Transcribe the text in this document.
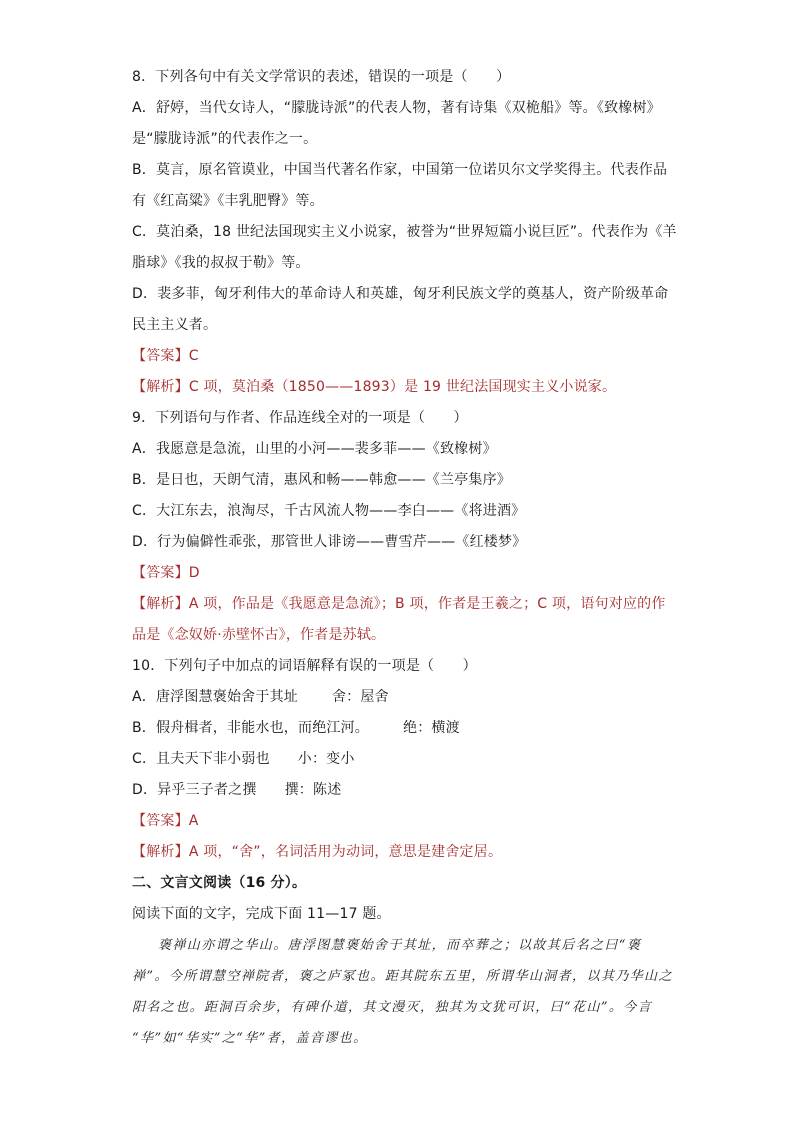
8．下列各句中有关文学常识的表述，错误的一项是（　　）
A．舒婷，当代女诗人，“朦胧诗派”的代表人物，著有诗集《双桅船》等。《致橡树》
是“朦胧诗派”的代表作之一。
B．莫言，原名管谟业，中国当代著名作家，中国第一位诺贝尔文学奖得主。代表作品
有《红高粱》《丰乳肥臀》等。
C．莫泊桑，18 世纪法国现实主义小说家，被誉为“世界短篇小说巨匠”。代表作为《羊
脂球》《我的叔叔于勒》等。
D．裴多菲，匈牙利伟大的革命诗人和英雄，匈牙利民族文学的奠基人，资产阶级革命
民主主义者。
【答案】C
【解析】C 项，莫泊桑（1850——1893）是 19 世纪法国现实主义小说家。
9．下列语句与作者、作品连线全对的一项是（　　）
A．我愿意是急流，山里的小河——裴多菲——《致橡树》
B．是日也，天朗气清，惠风和畅——韩愈——《兰亭集序》
C．大江东去，浪淘尽，千古风流人物——李白——《将进酒》
D．行为偏僻性乖张，那管世人诽谤——曹雪芹——《红楼梦》
【答案】D
【解析】A 项，作品是《我愿意是急流》；B 项，作者是王羲之；C 项，语句对应的作
品是《念奴娇·赤壁怀古》，作者是苏轼。
10．下列句子中加点的词语解释有误的一项是（　　）
A．唐浮图慧褒始舍于其址 舍：屋舍
B．假舟楫者，非能水也，而绝江河。 绝：横渡
C．且夫天下非小弱也 小：变小
D．异乎三子者之撰 撰：陈述
【答案】A
【解析】A 项，“舍”，名词活用为动词，意思是建舍定居。
二、文言文阅读（16 分）。
阅读下面的文字，完成下面 11—17 题。
褒禅山亦谓之华山。唐浮图慧褒始舍于其址，而卒葬之；以故其后名之曰“褒
禅”。今所谓慧空禅院者，褒之庐冢也。距其院东五里，所谓华山洞者，以其乃华山之
阳名之也。距洞百余步，有碑仆道，其文漫灭，独其为文犹可识，曰“花山”。今言
“华”如“华实”之“华”者，盖音谬也。
